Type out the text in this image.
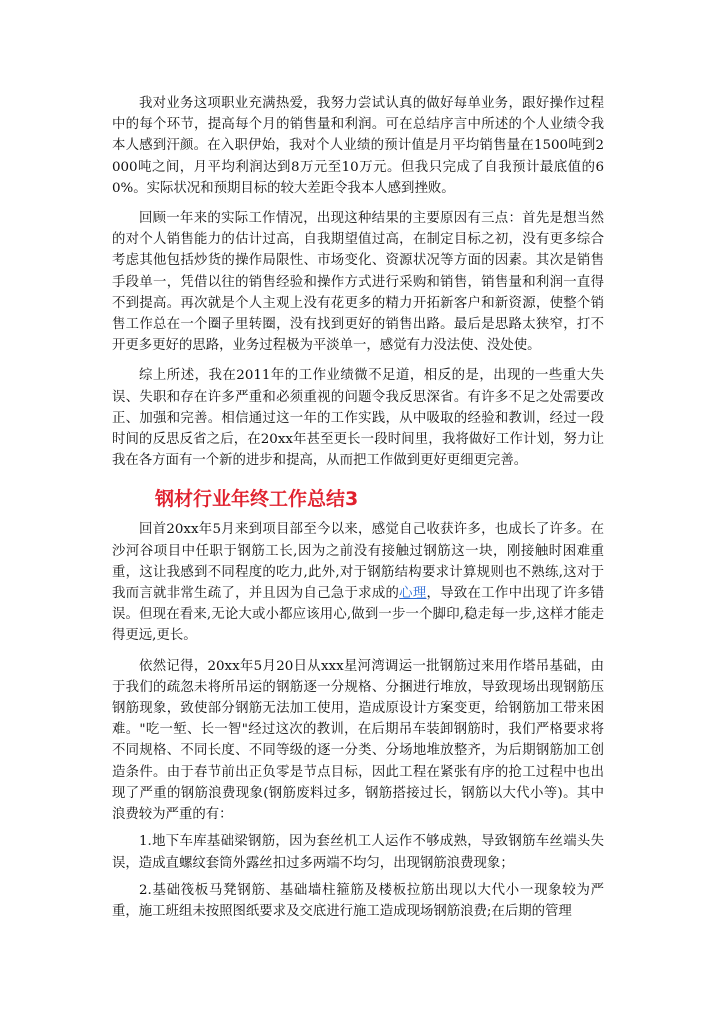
我对业务这项职业充满热爱，我努力尝试认真的做好每单业务，跟好操作过程中的每个环节，提高每个月的销售量和利润。可在总结序言中所述的个人业绩令我本人感到汗颜。在入职伊始，我对个人业绩的预计值是月平均销售量在1500吨到2000吨之间，月平均利润达到8万元至10万元。但我只完成了自我预计最底值的60%。实际状况和预期目标的较大差距令我本人感到挫败。

回顾一年来的实际工作情况，出现这种结果的主要原因有三点：首先是想当然的对个人销售能力的估计过高，自我期望值过高，在制定目标之初，没有更多综合考虑其他包括炒货的操作局限性、市场变化、资源状况等方面的因素。其次是销售手段单一，凭借以往的销售经验和操作方式进行采购和销售，销售量和利润一直得不到提高。再次就是个人主观上没有花更多的精力开拓新客户和新资源，使整个销售工作总在一个圈子里转圈，没有找到更好的销售出路。最后是思路太狭窄，打不开更多更好的思路，业务过程极为平淡单一，感觉有力没法使、没处使。

综上所述，我在2011年的工作业绩微不足道，相反的是，出现的一些重大失误、失职和存在许多严重和必须重视的问题令我反思深省。有许多不足之处需要改正、加强和完善。相信通过这一年的工作实践，从中吸取的经验和教训，经过一段时间的反思反省之后，在20xx年甚至更长一段时间里，我将做好工作计划，努力让我在各方面有一个新的进步和提高，从而把工作做到更好更细更完善。

钢材行业年终工作总结3

回首20xx年5月来到项目部至今以来，感觉自己收获许多，也成长了许多。在沙河谷项目中任职于钢筋工长,因为之前没有接触过钢筋这一块，刚接触时困难重重，这让我感到不同程度的吃力,此外,对于钢筋结构要求计算规则也不熟练,这对于我而言就非常生疏了，并且因为自己急于求成的心理，导致在工作中出现了许多错误。但现在看来,无论大或小都应该用心,做到一步一个脚印,稳走每一步,这样才能走得更远,更长。

依然记得，20xx年5月20日从xxx星河湾调运一批钢筋过来用作塔吊基础，由于我们的疏忽未将所吊运的钢筋逐一分规格、分捆进行堆放，导致现场出现钢筋压钢筋现象，致使部分钢筋无法加工使用，造成原设计方案变更，给钢筋加工带来困难。"吃一堑、长一智"经过这次的教训，在后期吊车装卸钢筋时，我们严格要求将不同规格、不同长度、不同等级的逐一分类、分场地堆放整齐，为后期钢筋加工创造条件。由于春节前出正负零是节点目标，因此工程在紧张有序的抢工过程中也出现了严重的钢筋浪费现象(钢筋废料过多，钢筋搭接过长，钢筋以大代小等)。其中浪费较为严重的有：

1.地下车库基础梁钢筋，因为套丝机工人运作不够成熟，导致钢筋车丝端头失误，造成直螺纹套筒外露丝扣过多两端不均匀，出现钢筋浪费现象；

2.基础筏板马凳钢筋、基础墙柱箍筋及楼板拉筋出现以大代小一现象较为严重，施工班组未按照图纸要求及交底进行施工造成现场钢筋浪费;在后期的管理
